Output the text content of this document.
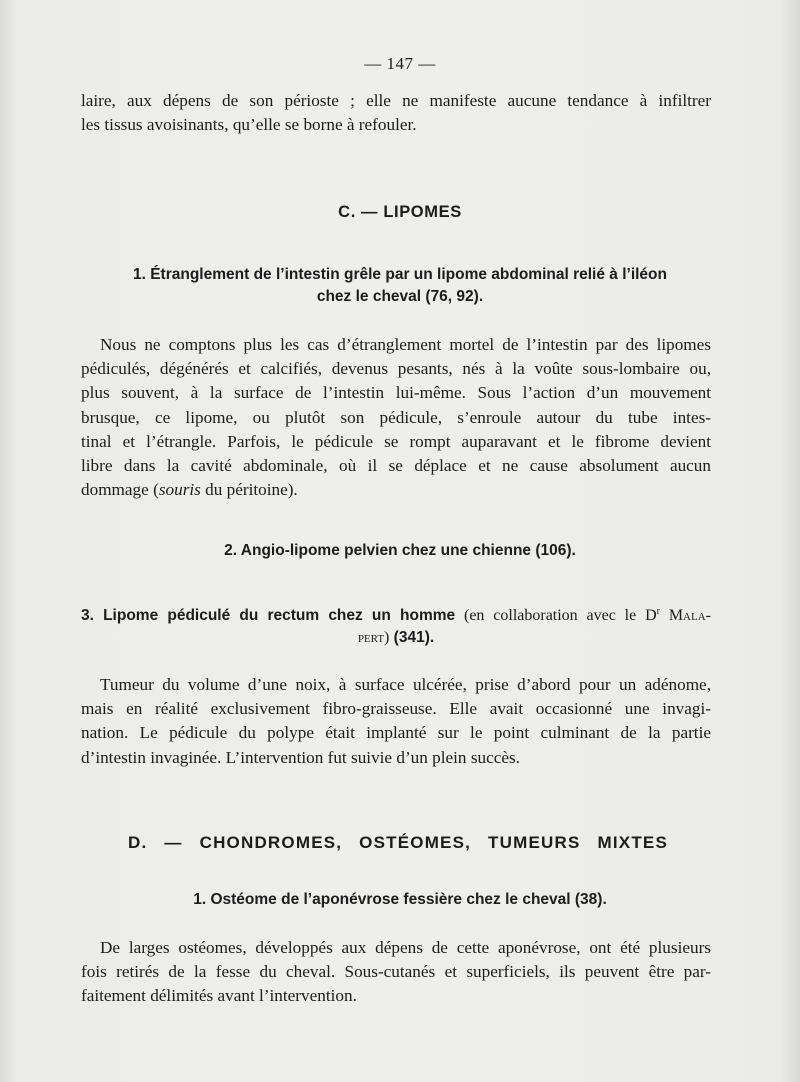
— 147 —
laire, aux dépens de son périoste ; elle ne manifeste aucune tendance à infiltrer
les tissus avoisinants, qu’elle se borne à refouler.
C. — LIPOMES
1. Étranglement de l’intestin grêle par un lipome abdominal relié à l’iléon
chez le cheval (76, 92).
Nous ne comptons plus les cas d’étranglement mortel de l’intestin par des lipomes
pédiculés, dégénérés et calcifiés, devenus pesants, nés à la voûte sous-lombaire ou,
plus souvent, à la surface de l’intestin lui-même. Sous l’action d’un mouvement
brusque, ce lipome, ou plutôt son pédicule, s’enroule autour du tube intes-
tinal et l’étrangle. Parfois, le pédicule se rompt auparavant et le fibrome devient
libre dans la cavité abdominale, où il se déplace et ne cause absolument aucun
dommage (souris du péritoine).
2. Angio-lipome pelvien chez une chienne (106).
3. Lipome pédiculé du rectum chez un homme (en collaboration avec le $D^r$ Mala-
pert) (341).
Tumeur du volume d’une noix, à surface ulcérée, prise d’abord pour un adénome,
mais en réalité exclusivement fibro-graisseuse. Elle avait occasionné une invagi-
nation. Le pédicule du polype était implanté sur le point culminant de la partie
d’intestin invaginée. L’intervention fut suivie d’un plein succès.
D. — CHONDROMES, OSTÉOMES, TUMEURS MIXTES
1. Ostéome de l’aponévrose fessière chez le cheval (38).
De larges ostéomes, développés aux dépens de cette aponévrose, ont été plusieurs
fois retirés de la fesse du cheval. Sous-cutanés et superficiels, ils peuvent être par-
faitement délimités avant l’intervention.
